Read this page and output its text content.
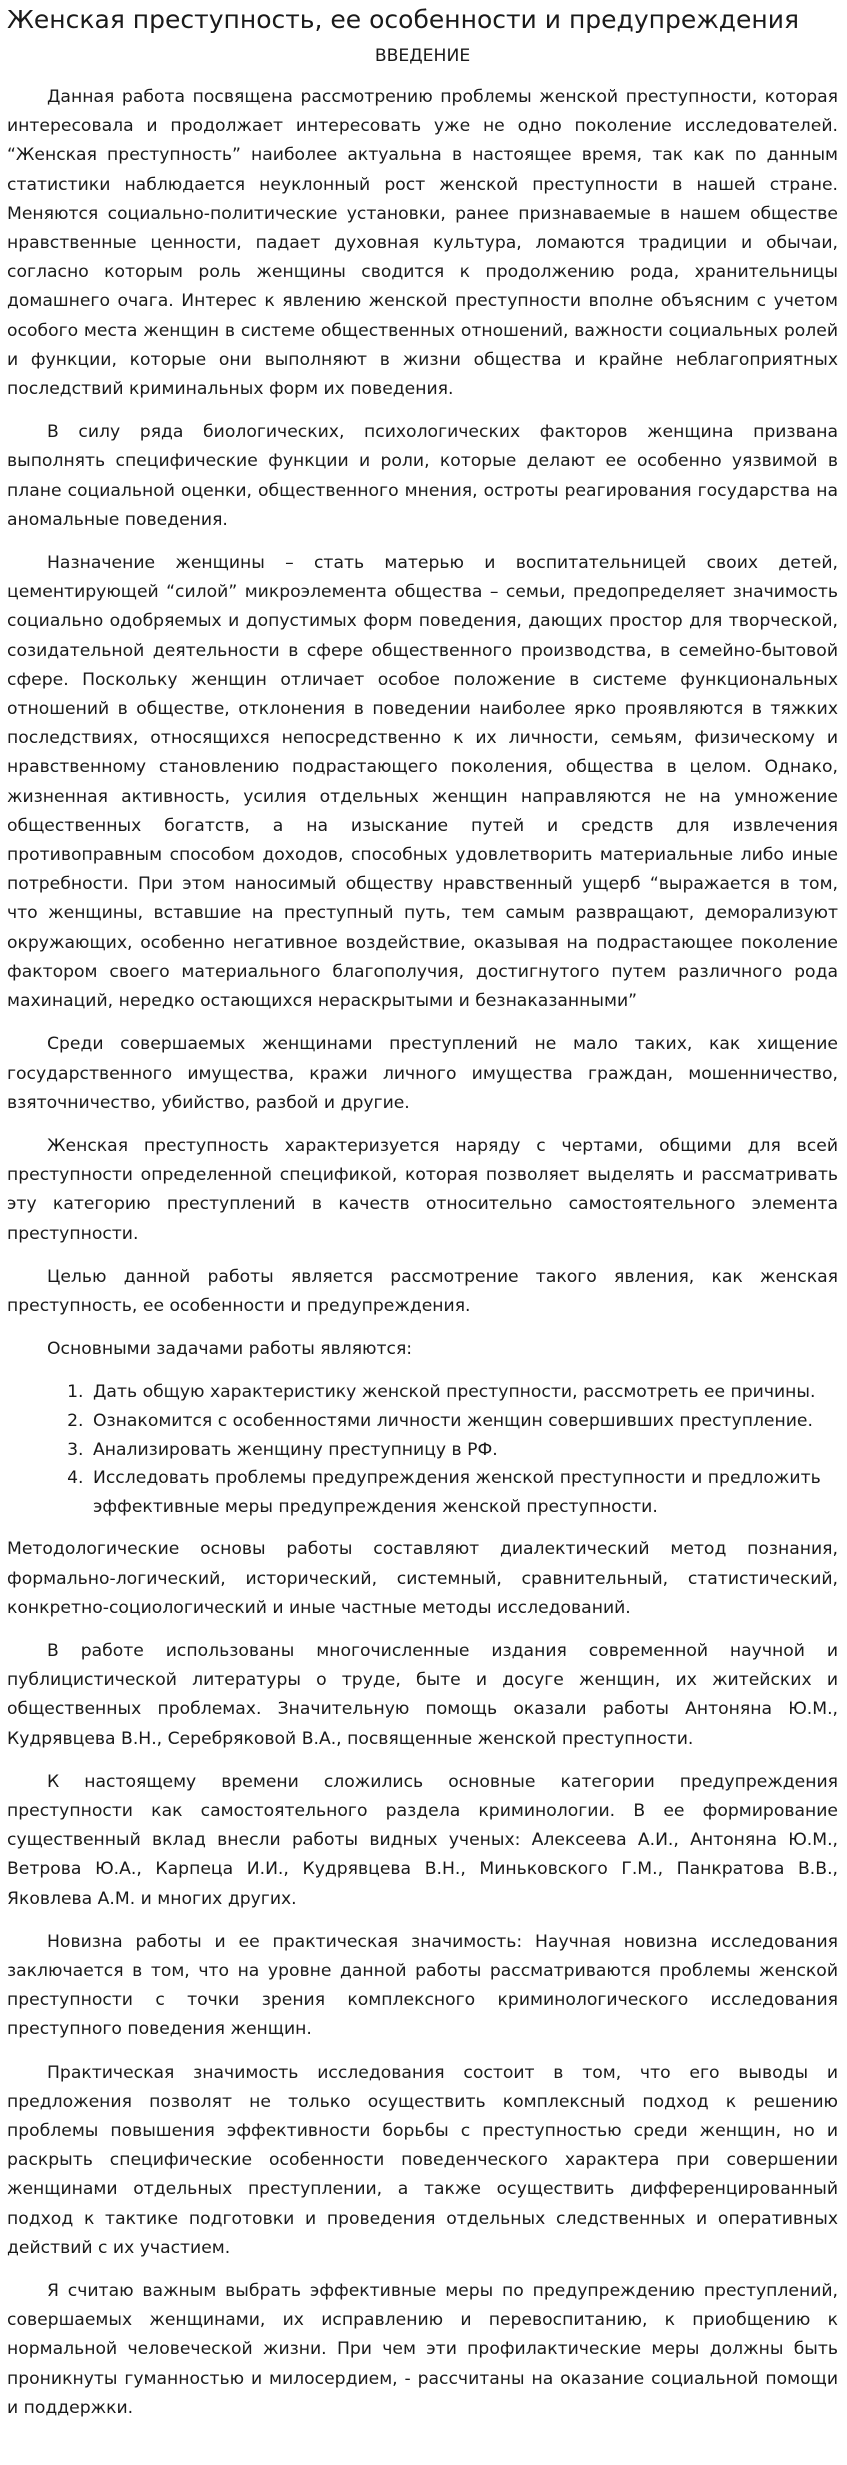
Женская преступность, ее особенности и предупреждения
ВВЕДЕНИЕ

Данная работа посвящена рассмотрению проблемы женской преступности, которая интересовала и продолжает интересовать уже не одно поколение исследователей. “Женская преступность” наиболее актуальна в настоящее время, так как по данным статистики наблюдается неуклонный рост женской преступности в нашей стране. Меняются социально-политические установки, ранее признаваемые в нашем обществе нравственные ценности, падает духовная культура, ломаются традиции и обычаи, согласно которым роль женщины сводится к продолжению рода, хранительницы домашнего очага. Интерес к явлению женской преступности вполне объясним с учетом особого места женщин в системе общественных отношений, важности социальных ролей и функции, которые они выполняют в жизни общества и крайне неблагоприятных последствий криминальных форм их поведения.

В силу ряда биологических, психологических факторов женщина призвана выполнять специфические функции и роли, которые делают ее особенно уязвимой в плане социальной оценки, общественного мнения, остроты реагирования государства на аномальные поведения.

Назначение женщины – стать матерью и воспитательницей своих детей, цементирующей “силой” микроэлемента общества – семьи, предопределяет значимость социально одобряемых и допустимых форм поведения, дающих простор для творческой, созидательной деятельности в сфере общественного производства, в семейно-бытовой сфере. Поскольку женщин отличает особое положение в системе функциональных отношений в обществе, отклонения в поведении наиболее ярко проявляются в тяжких последствиях, относящихся непосредственно к их личности, семьям, физическому и нравственному становлению подрастающего поколения, общества в целом. Однако, жизненная активность, усилия отдельных женщин направляются не на умножение общественных богатств, а на изыскание путей и средств для извлечения противоправным способом доходов, способных удовлетворить материальные либо иные потребности. При этом наносимый обществу нравственный ущерб “выражается в том, что женщины, вставшие на преступный путь, тем самым развращают, деморализуют окружающих, особенно негативное воздействие, оказывая на подрастающее поколение фактором своего материального благополучия, достигнутого путем различного рода махинаций, нередко остающихся нераскрытыми и безнаказанными”

Среди совершаемых женщинами преступлений не мало таких, как хищение государственного имущества, кражи личного имущества граждан, мошенничество, взяточничество, убийство, разбой и другие.

Женская преступность характеризуется наряду с чертами, общими для всей преступности определенной спецификой, которая позволяет выделять и рассматривать эту категорию преступлений в качеств относительно самостоятельного элемента преступности.

Целью данной работы является рассмотрение такого явления, как женская преступность, ее особенности и предупреждения.

Основными задачами работы являются:

1. Дать общую характеристику женской преступности, рассмотреть ее причины.
2. Ознакомится с особенностями личности женщин совершивших преступление.
3. Анализировать женщину преступницу в РФ.
4. Исследовать проблемы предупреждения женской преступности и предложить эффективные меры предупреждения женской преступности.

Методологические основы работы составляют диалектический метод познания, формально-логический, исторический, системный, сравнительный, статистический, конкретно-социологический и иные частные методы исследований.

В работе использованы многочисленные издания современной научной и публицистической литературы о труде, быте и досуге женщин, их житейских и общественных проблемах. Значительную помощь оказали работы Антоняна Ю.М., Кудрявцева В.Н., Серебряковой В.А., посвященные женской преступности.

К настоящему времени сложились основные категории предупреждения преступности как самостоятельного раздела криминологии. В ее формирование существенный вклад внесли работы видных ученых: Алексеева А.И., Антоняна Ю.М., Ветрова Ю.А., Карпеца И.И., Кудрявцева В.Н., Миньковского Г.М., Панкратова В.В., Яковлева А.М. и многих других.

Новизна работы и ее практическая значимость: Научная новизна исследования заключается в том, что на уровне данной работы рассматриваются проблемы женской преступности с точки зрения комплексного криминологического исследования преступного поведения женщин.

Практическая значимость исследования состоит в том, что его выводы и предложения позволят не только осуществить комплексный подход к решению проблемы повышения эффективности борьбы с преступностью среди женщин, но и раскрыть специфические особенности поведенческого характера при совершении женщинами отдельных преступлении, а также осуществить дифференцированный подход к тактике подготовки и проведения отдельных следственных и оперативных действий с их участием.

Я считаю важным выбрать эффективные меры по предупреждению преступлений, совершаемых женщинами, их исправлению и перевоспитанию, к приобщению к нормальной человеческой жизни. При чем эти профилактические меры должны быть проникнуты гуманностью и милосердием, - рассчитаны на оказание социальной помощи и поддержки.
